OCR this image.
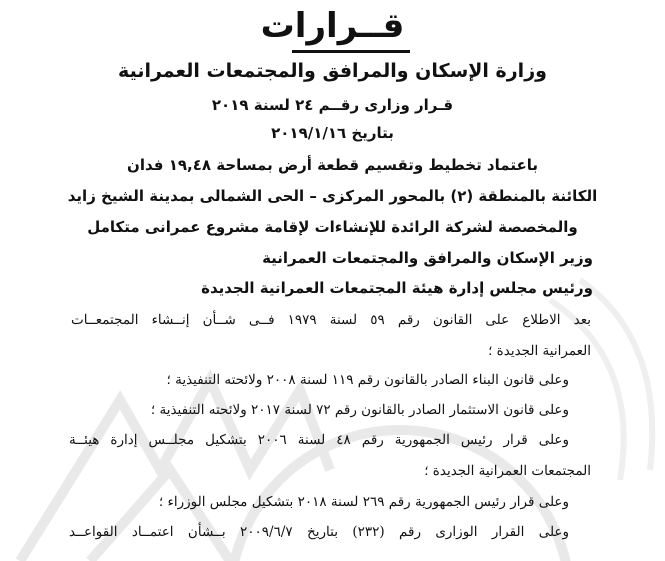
قــرارات
وزارة الإسكان والمرافق والمجتمعات العمرانية
قـرار وزارى رقــم ٢٤ لسنة ٢٠١٩
بتاريخ ٢٠١٩/١/١٦
باعتماد تخطيط وتقسيم قطعة أرض بمساحة ١٩,٤٨ فدان
الكائنة بالمنطقة (٢) بالمحور المركزى – الحى الشمالى بمدينة الشيخ زايد
والمخصصة لشركة الرائدة للإنشاءات لإقامة مشروع عمرانى متكامل
وزير الإسكان والمرافق والمجتمعات العمرانية
ورئيس مجلس إدارة هيئة المجتمعات العمرانية الجديدة
بعد الاطلاع على القانون رقم ٥٩ لسنة ١٩٧٩ فــى شــأن إنــشاء المجتمعــات
العمرانية الجديدة ؛
وعلى قانون البناء الصادر بالقانون رقم ١١٩ لسنة ٢٠٠٨ ولائحته التنفيذية ؛
وعلى قانون الاستثمار الصادر بالقانون رقم ٧٢ لسنة ٢٠١٧ ولائحته التنفيذية ؛
وعلى قرار رئيس الجمهورية رقم ٤٨ لسنة ٢٠٠٦ بتشكيل مجلــس إدارة هيئــة
المجتمعات العمرانية الجديدة ؛
وعلى قرار رئيس الجمهورية رقم ٢٦٩ لسنة ٢٠١٨ بتشكيل مجلس الوزراء ؛
وعلى القرار الوزارى رقم (٢٣٢) بتاريخ ٢٠٠٩/٦/٧ بــشأن اعتمــاد القواعــد
